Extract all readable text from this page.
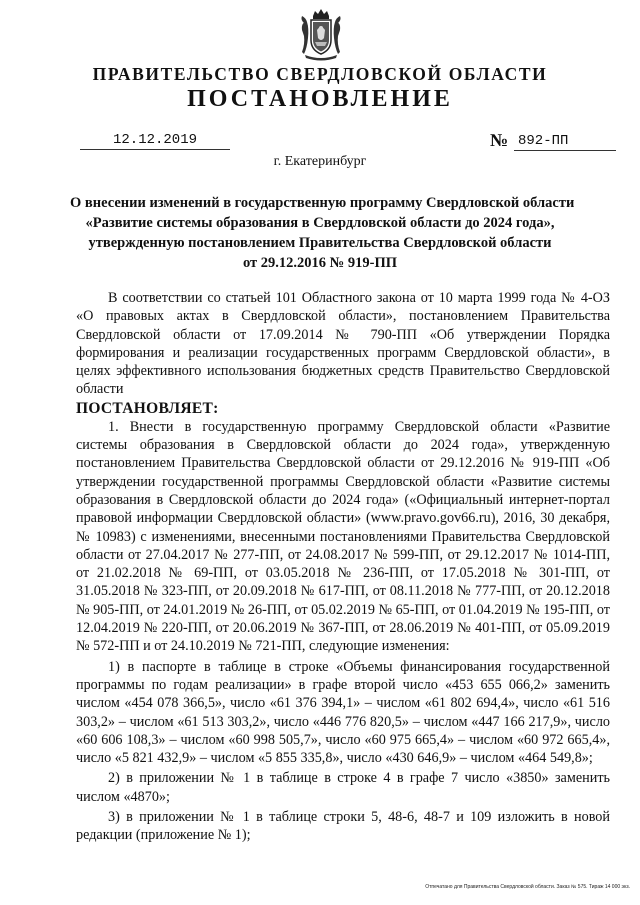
ПРАВИТЕЛЬСТВО СВЕРДЛОВСКОЙ ОБЛАСТИ
ПОСТАНОВЛЕНИЕ
12.12.2019	№ 892-ПП
г. Екатеринбург
О внесении изменений в государственную программу Свердловской области
«Развитие системы образования в Свердловской области до 2024 года»,
утвержденную постановлением Правительства Свердловской области
от 29.12.2016 № 919-ПП

В соответствии со статьей 101 Областного закона от 10 марта 1999 года № 4-ОЗ «О правовых актах в Свердловской области», постановлением Правительства Свердловской области от 17.09.2014 № 790-ПП «Об утверждении Порядка формирования и реализации государственных программ Свердловской области», в целях эффективного использования бюджетных средств Правительство Свердловской области

ПОСТАНОВЛЯЕТ:

1. Внести в государственную программу Свердловской области «Развитие системы образования в Свердловской области до 2024 года», утвержденную постановлением Правительства Свердловской области от 29.12.2016 № 919-ПП «Об утверждении государственной программы Свердловской области «Развитие системы образования в Свердловской области до 2024 года» («Официальный интернет-портал правовой информации Свердловской области» (www.pravo.gov66.ru), 2016, 30 декабря, № 10983) с изменениями, внесенными постановлениями Правительства Свердловской области от 27.04.2017 № 277-ПП, от 24.08.2017 № 599-ПП, от 29.12.2017 № 1014-ПП, от 21.02.2018 № 69-ПП, от 03.05.2018 № 236-ПП, от 17.05.2018 № 301-ПП, от 31.05.2018 № 323-ПП, от 20.09.2018 № 617-ПП, от 08.11.2018 № 777-ПП, от 20.12.2018 № 905-ПП, от 24.01.2019 № 26-ПП, от 05.02.2019 № 65-ПП, от 01.04.2019 № 195-ПП, от 12.04.2019 № 220-ПП, от 20.06.2019 № 367-ПП, от 28.06.2019 № 401-ПП, от 05.09.2019 № 572-ПП и от 24.10.2019 № 721-ПП, следующие изменения:

1) в паспорте в таблице в строке «Объемы финансирования государственной программы по годам реализации» в графе второй число «453 655 066,2» заменить числом «454 078 366,5», число «61 376 394,1» – числом «61 802 694,4», число «61 516 303,2» – числом «61 513 303,2», число «446 776 820,5» – числом «447 166 217,9», число «60 606 108,3» – числом «60 998 505,7», число «60 975 665,4» – числом «60 972 665,4», число «5 821 432,9» – числом «5 855 335,8», число «430 646,9» – числом «464 549,8»;

2) в приложении № 1 в таблице в строке 4 в графе 7 число «3850» заменить числом «4870»;

3) в приложении № 1 в таблице строки 5, 48-6, 48-7 и 109 изложить в новой редакции (приложение № 1);

Отпечатано для Правительства Свердловской области. Заказ № 575. Тираж 14 000 экз.
